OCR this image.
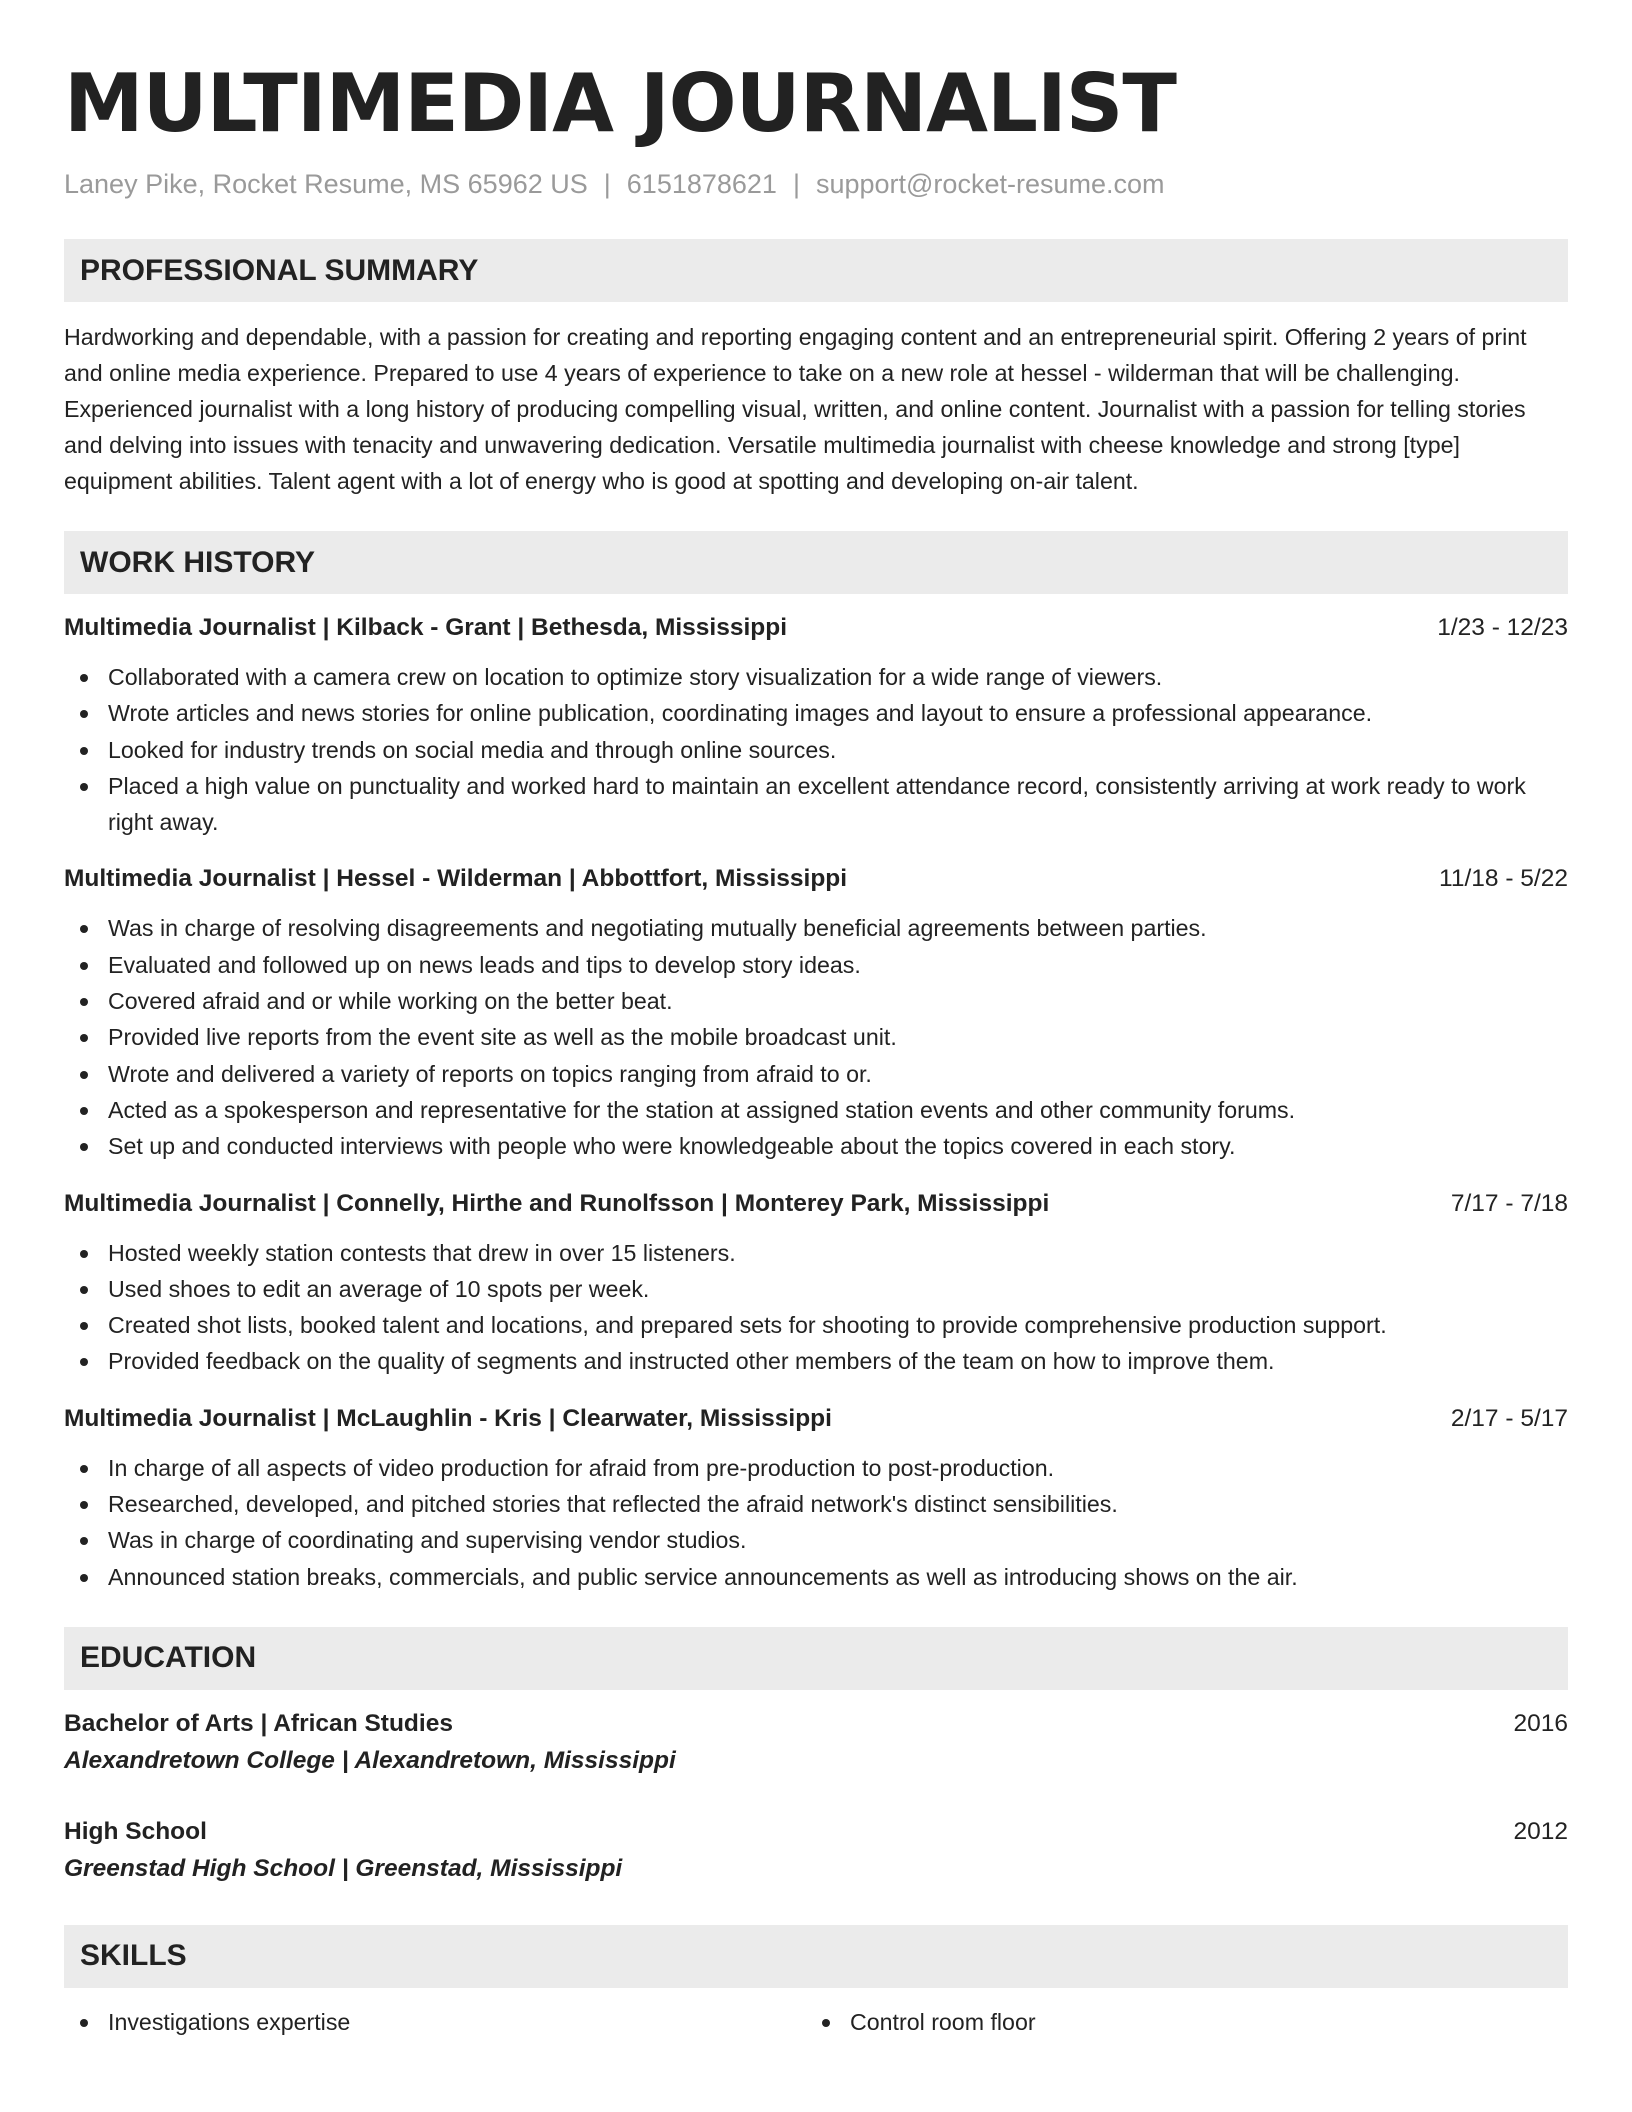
MULTIMEDIA JOURNALIST
Laney Pike, Rocket Resume, MS 65962 US | 6151878621 | support@rocket-resume.com
PROFESSIONAL SUMMARY

Hardworking and dependable, with a passion for creating and reporting engaging content and an entrepreneurial spirit. Offering 2 years of print and online media experience. Prepared to use 4 years of experience to take on a new role at hessel - wilderman that will be challenging. Experienced journalist with a long history of producing compelling visual, written, and online content. Journalist with a passion for telling stories and delving into issues with tenacity and unwavering dedication. Versatile multimedia journalist with cheese knowledge and strong [type] equipment abilities. Talent agent with a lot of energy who is good at spotting and developing on-air talent.

WORK HISTORY
Multimedia Journalist | Kilback - Grant | Bethesda, Mississippi	1/23 - 12/23
Collaborated with a camera crew on location to optimize story visualization for a wide range of viewers.
Wrote articles and news stories for online publication, coordinating images and layout to ensure a professional appearance.
Looked for industry trends on social media and through online sources.
Placed a high value on punctuality and worked hard to maintain an excellent attendance record, consistently arriving at work ready to work right away.
Multimedia Journalist | Hessel - Wilderman | Abbottfort, Mississippi	11/18 - 5/22
Was in charge of resolving disagreements and negotiating mutually beneficial agreements between parties.
Evaluated and followed up on news leads and tips to develop story ideas.
Covered afraid and or while working on the better beat.
Provided live reports from the event site as well as the mobile broadcast unit.
Wrote and delivered a variety of reports on topics ranging from afraid to or.
Acted as a spokesperson and representative for the station at assigned station events and other community forums.
Set up and conducted interviews with people who were knowledgeable about the topics covered in each story.
Multimedia Journalist | Connelly, Hirthe and Runolfsson | Monterey Park, Mississippi	7/17 - 7/18
Hosted weekly station contests that drew in over 15 listeners.
Used shoes to edit an average of 10 spots per week.
Created shot lists, booked talent and locations, and prepared sets for shooting to provide comprehensive production support.
Provided feedback on the quality of segments and instructed other members of the team on how to improve them.
Multimedia Journalist | McLaughlin - Kris | Clearwater, Mississippi	2/17 - 5/17
In charge of all aspects of video production for afraid from pre-production to post-production.
Researched, developed, and pitched stories that reflected the afraid network's distinct sensibilities.
Was in charge of coordinating and supervising vendor studios.
Announced station breaks, commercials, and public service announcements as well as introducing shows on the air.
EDUCATION
Bachelor of Arts | African Studies	2016
Alexandretown College | Alexandretown, Mississippi
High School	2012
Greenstad High School | Greenstad, Mississippi
SKILLS
Investigations expertise	Control room floor
